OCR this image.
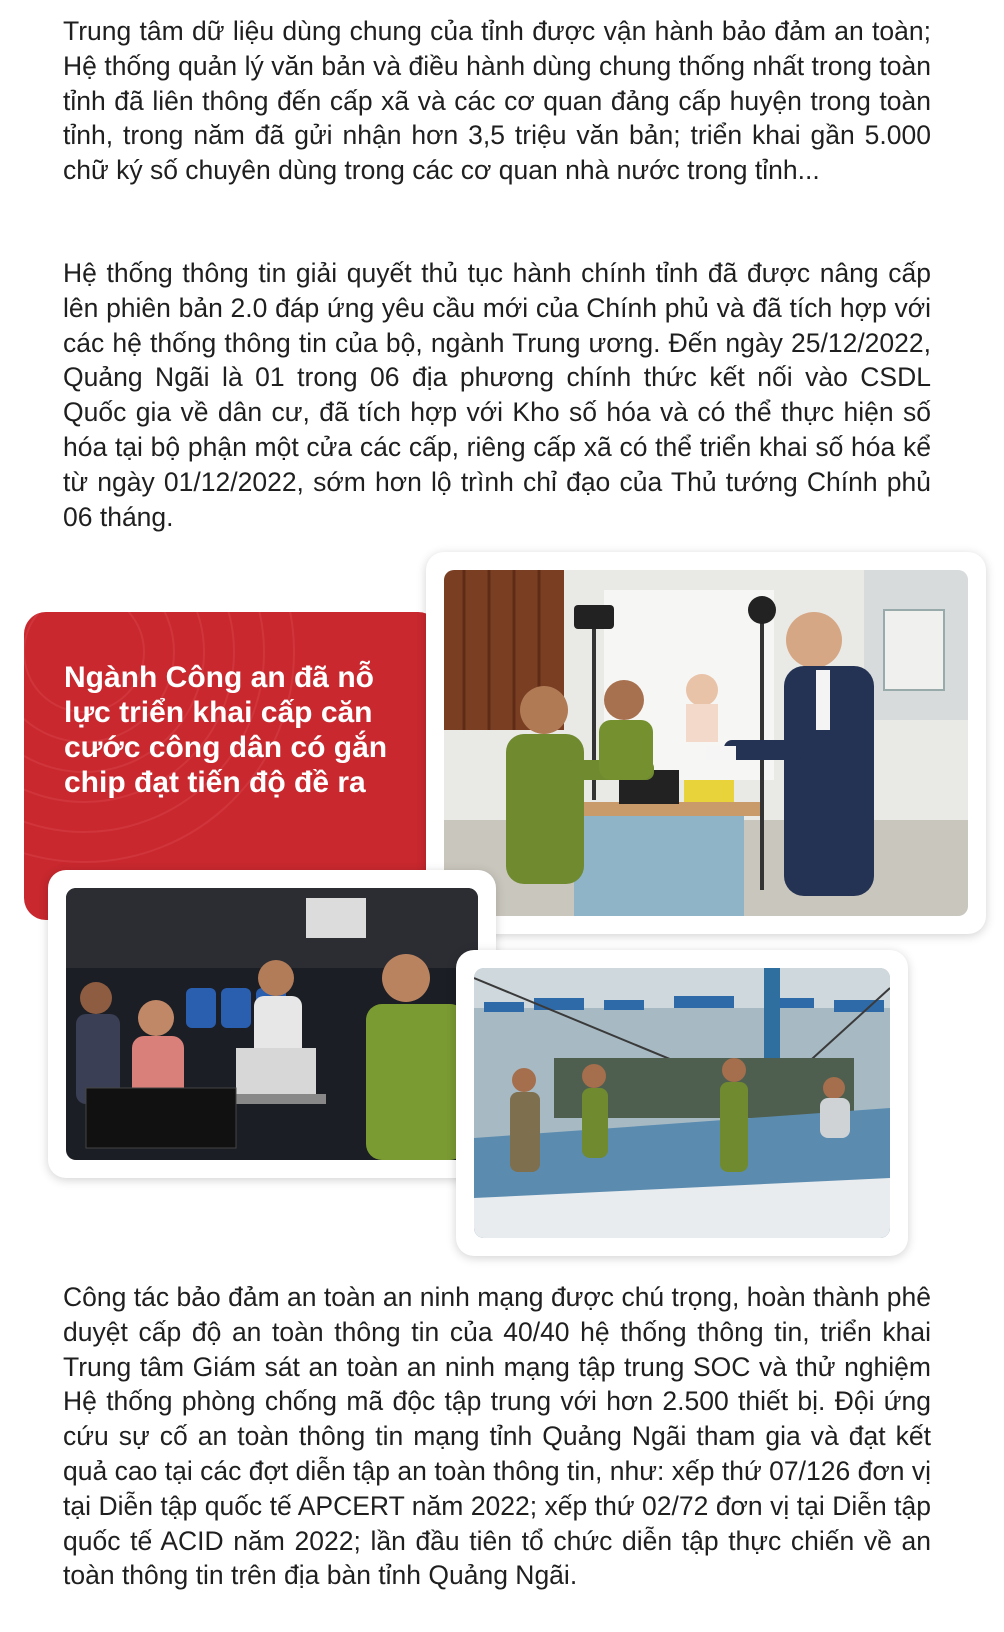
Trung tâm dữ liệu dùng chung của tỉnh được vận hành bảo đảm an toàn; Hệ thống quản lý văn bản và điều hành dùng chung thống nhất trong toàn tỉnh đã liên thông đến cấp xã và các cơ quan đảng cấp huyện trong toàn tỉnh, trong năm đã gửi nhận hơn 3,5 triệu văn bản; triển khai gần 5.000 chữ ký số chuyên dùng trong các cơ quan nhà nước trong tỉnh...

Hệ thống thông tin giải quyết thủ tục hành chính tỉnh đã được nâng cấp lên phiên bản 2.0 đáp ứng yêu cầu mới của Chính phủ và đã tích hợp với các hệ thống thông tin của bộ, ngành Trung ương. Đến ngày 25/12/2022, Quảng Ngãi là 01 trong 06 địa phương chính thức kết nối vào CSDL Quốc gia về dân cư, đã tích hợp với Kho số hóa và có thể thực hiện số hóa tại bộ phận một cửa các cấp, riêng cấp xã có thể triển khai số hóa kể từ ngày 01/12/2022, sớm hơn lộ trình chỉ đạo của Thủ tướng Chính phủ 06 tháng.

Ngành Công an đã nỗ lực triển khai cấp căn cước công dân có gắn chip đạt tiến độ đề ra

Công tác bảo đảm an toàn an ninh mạng được chú trọng, hoàn thành phê duyệt cấp độ an toàn thông tin của 40/40 hệ thống thông tin, triển khai Trung tâm Giám sát an toàn an ninh mạng tập trung SOC và thử nghiệm Hệ thống phòng chống mã độc tập trung với hơn 2.500 thiết bị. Đội ứng cứu sự cố an toàn thông tin mạng tỉnh Quảng Ngãi tham gia và đạt kết quả cao tại các đợt diễn tập an toàn thông tin, như: xếp thứ 07/126 đơn vị tại Diễn tập quốc tế APCERT năm 2022; xếp thứ 02/72 đơn vị tại Diễn tập quốc tế ACID năm 2022; lần đầu tiên tổ chức diễn tập thực chiến về an toàn thông tin trên địa bàn tỉnh Quảng Ngãi.
